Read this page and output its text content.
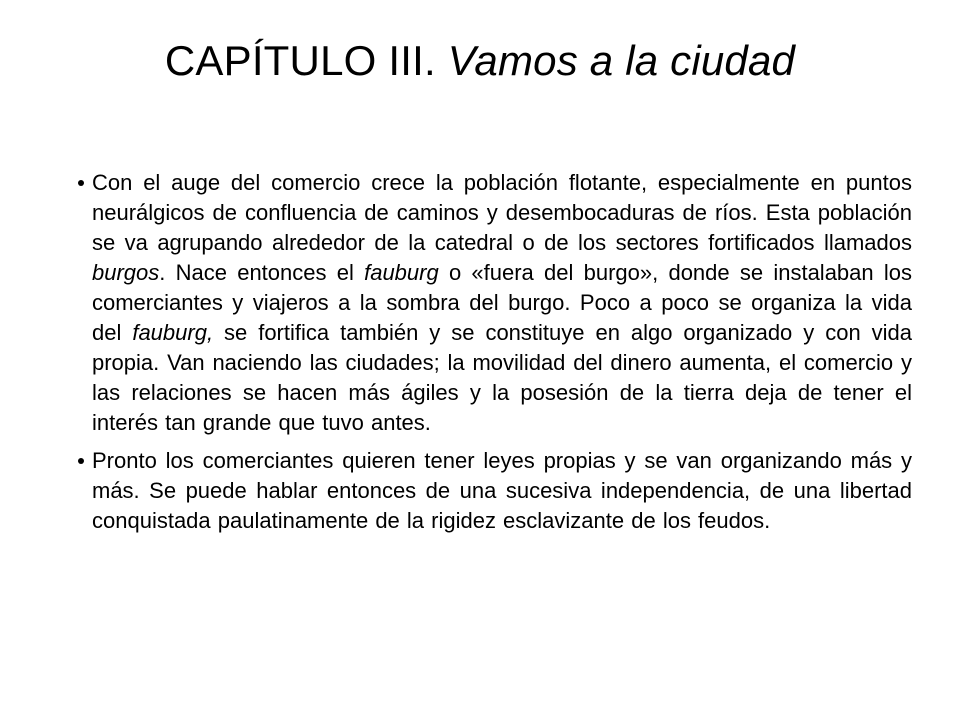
CAPÍTULO III. Vamos a la ciudad
Con el auge del comercio crece la población flotante, especialmente en puntos neurálgicos de confluencia de caminos y desembocaduras de ríos. Esta población se va agrupando alrededor de la catedral o de los sectores fortificados llamados burgos. Nace entonces el fauburg o «fuera del burgo», donde se instalaban los comerciantes y viajeros a la sombra del burgo. Poco a poco se organiza la vida del fauburg, se fortifica también y se constituye en algo organizado y con vida propia. Van naciendo las ciudades; la movilidad del dinero aumenta, el comercio y las relaciones se hacen más ágiles y la posesión de la tierra deja de tener el interés tan grande que tuvo antes.
Pronto los comerciantes quieren tener leyes propias y se van organizando más y más. Se puede hablar entonces de una sucesiva independencia, de una libertad conquistada paulatinamente de la rigidez esclavizante de los feudos.
